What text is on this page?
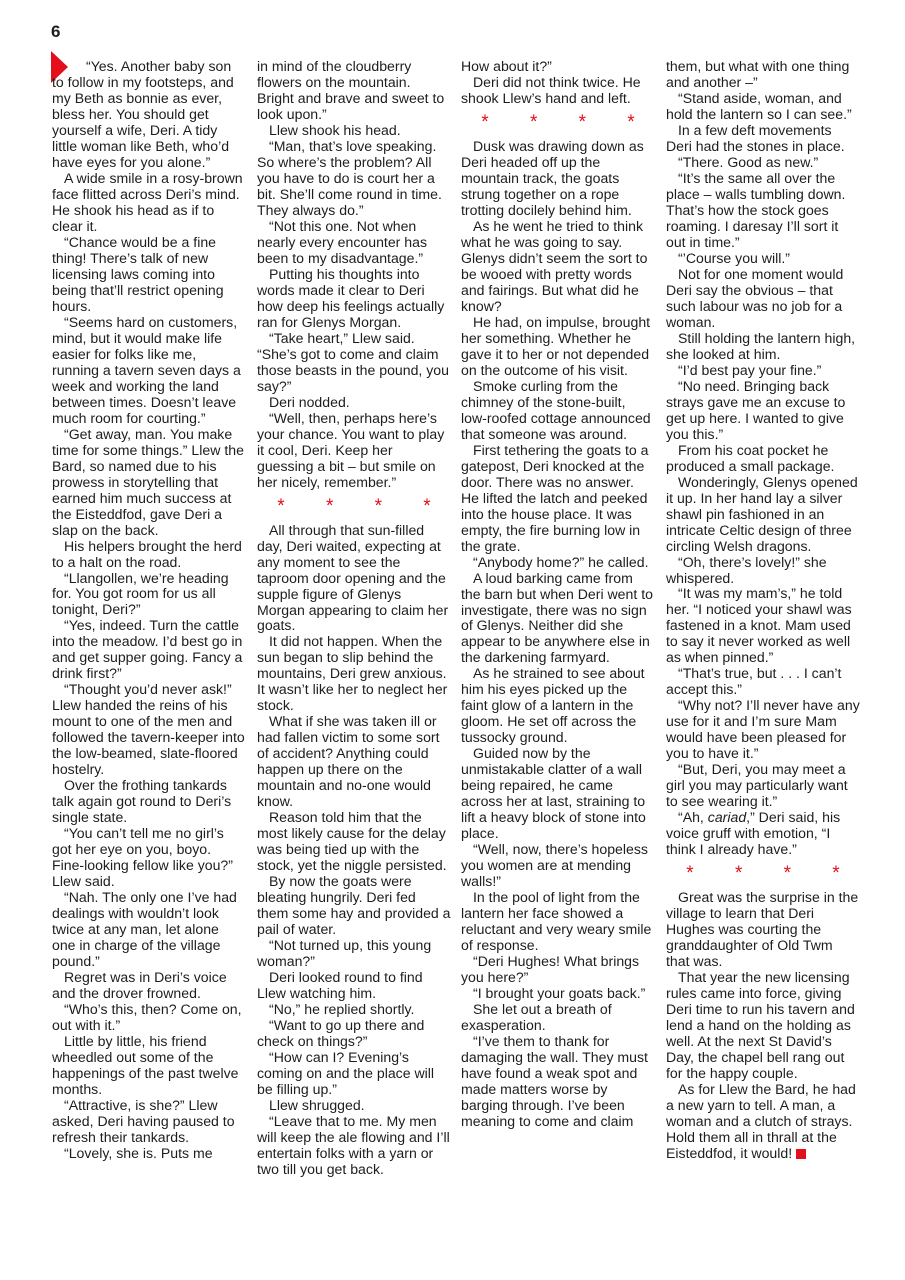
6

“Yes. Another baby son to follow in my footsteps, and my Beth as bonnie as ever, bless her. You should get yourself a wife, Deri. A tidy little woman like Beth, who’d have eyes for you alone.”

A wide smile in a rosy-brown face flitted across Deri’s mind. He shook his head as if to clear it.

“Chance would be a fine thing! There’s talk of new licensing laws coming into being that’ll restrict opening hours.

“Seems hard on customers, mind, but it would make life easier for folks like me, running a tavern seven days a week and working the land between times. Doesn’t leave much room for courting.”

“Get away, man. You make time for some things.” Llew the Bard, so named due to his prowess in storytelling that earned him much success at the Eisteddfod, gave Deri a slap on the back.

His helpers brought the herd to a halt on the road.

“Llangollen, we’re heading for. You got room for us all tonight, Deri?”

“Yes, indeed. Turn the cattle into the meadow. I’d best go in and get supper going. Fancy a drink first?”

“Thought you’d never ask!” Llew handed the reins of his mount to one of the men and followed the tavern-keeper into the low-beamed, slate-floored hostelry.

Over the frothing tankards talk again got round to Deri’s single state.

“You can’t tell me no girl’s got her eye on you, boyo. Fine-looking fellow like you?” Llew said.

“Nah. The only one I’ve had dealings with wouldn’t look twice at any man, let alone one in charge of the village pound.”

Regret was in Deri’s voice and the drover frowned.

“Who’s this, then? Come on, out with it.”

Little by little, his friend wheedled out some of the happenings of the past twelve months.

“Attractive, is she?” Llew asked, Deri having paused to refresh their tankards.

“Lovely, she is. Puts me

in mind of the cloudberry flowers on the mountain. Bright and brave and sweet to look upon.”

Llew shook his head.

“Man, that’s love speaking. So where’s the problem? All you have to do is court her a bit. She’ll come round in time. They always do.”

“Not this one. Not when nearly every encounter has been to my disadvantage.”

Putting his thoughts into words made it clear to Deri how deep his feelings actually ran for Glenys Morgan.

“Take heart,” Llew said. “She’s got to come and claim those beasts in the pound, you say?”

Deri nodded.

“Well, then, perhaps here’s your chance. You want to play it cool, Deri. Keep her guessing a bit – but smile on her nicely, remember.”

* * * *

All through that sun-filled day, Deri waited, expecting at any moment to see the taproom door opening and the supple figure of Glenys Morgan appearing to claim her goats.

It did not happen. When the sun began to slip behind the mountains, Deri grew anxious. It wasn’t like her to neglect her stock.

What if she was taken ill or had fallen victim to some sort of accident? Anything could happen up there on the mountain and no-one would know.

Reason told him that the most likely cause for the delay was being tied up with the stock, yet the niggle persisted.

By now the goats were bleating hungrily. Deri fed them some hay and provided a pail of water.

“Not turned up, this young woman?”

Deri looked round to find Llew watching him.

“No,” he replied shortly.

“Want to go up there and check on things?”

“How can I? Evening’s coming on and the place will be filling up.”

Llew shrugged.

“Leave that to me. My men will keep the ale flowing and I’ll entertain folks with a yarn or two till you get back.

How about it?”

Deri did not think twice. He shook Llew’s hand and left.

* * * *

Dusk was drawing down as Deri headed off up the mountain track, the goats strung together on a rope trotting docilely behind him.

As he went he tried to think what he was going to say. Glenys didn’t seem the sort to be wooed with pretty words and fairings. But what did he know?

He had, on impulse, brought her something. Whether he gave it to her or not depended on the outcome of his visit.

Smoke curling from the chimney of the stone-built, low-roofed cottage announced that someone was around.

First tethering the goats to a gatepost, Deri knocked at the door. There was no answer. He lifted the latch and peeked into the house place. It was empty, the fire burning low in the grate.

“Anybody home?” he called.

A loud barking came from the barn but when Deri went to investigate, there was no sign of Glenys. Neither did she appear to be anywhere else in the darkening farmyard.

As he strained to see about him his eyes picked up the faint glow of a lantern in the gloom. He set off across the tussocky ground.

Guided now by the unmistakable clatter of a wall being repaired, he came across her at last, straining to lift a heavy block of stone into place.

“Well, now, there’s hopeless you women are at mending walls!”

In the pool of light from the lantern her face showed a reluctant and very weary smile of response.

“Deri Hughes! What brings you here?”

“I brought your goats back.”

She let out a breath of exasperation.

“I’ve them to thank for damaging the wall. They must have found a weak spot and made matters worse by barging through. I’ve been meaning to come and claim

them, but what with one thing and another –”

“Stand aside, woman, and hold the lantern so I can see.”

In a few deft movements Deri had the stones in place.

“There. Good as new.”

“It’s the same all over the place – walls tumbling down. That’s how the stock goes roaming. I daresay I’ll sort it out in time.”

“’Course you will.”

Not for one moment would Deri say the obvious – that such labour was no job for a woman.

Still holding the lantern high, she looked at him.

“I’d best pay your fine.”

“No need. Bringing back strays gave me an excuse to get up here. I wanted to give you this.”

From his coat pocket he produced a small package.

Wonderingly, Glenys opened it up. In her hand lay a silver shawl pin fashioned in an intricate Celtic design of three circling Welsh dragons.

“Oh, there’s lovely!” she whispered.

“It was my mam’s,” he told her. “I noticed your shawl was fastened in a knot. Mam used to say it never worked as well as when pinned.”

“That’s true, but . . . I can’t accept this.”

“Why not? I’ll never have any use for it and I’m sure Mam would have been pleased for you to have it.”

“But, Deri, you may meet a girl you may particularly want to see wearing it.”

“Ah, cariad,” Deri said, his voice gruff with emotion, “I think I already have.”

* * * *

Great was the surprise in the village to learn that Deri Hughes was courting the granddaughter of Old Twm that was.

That year the new licensing rules came into force, giving Deri time to run his tavern and lend a hand on the holding as well. At the next St David’s Day, the chapel bell rang out for the happy couple.

As for Llew the Bard, he had a new yarn to tell. A man, a woman and a clutch of strays. Hold them all in thrall at the Eisteddfod, it would!
